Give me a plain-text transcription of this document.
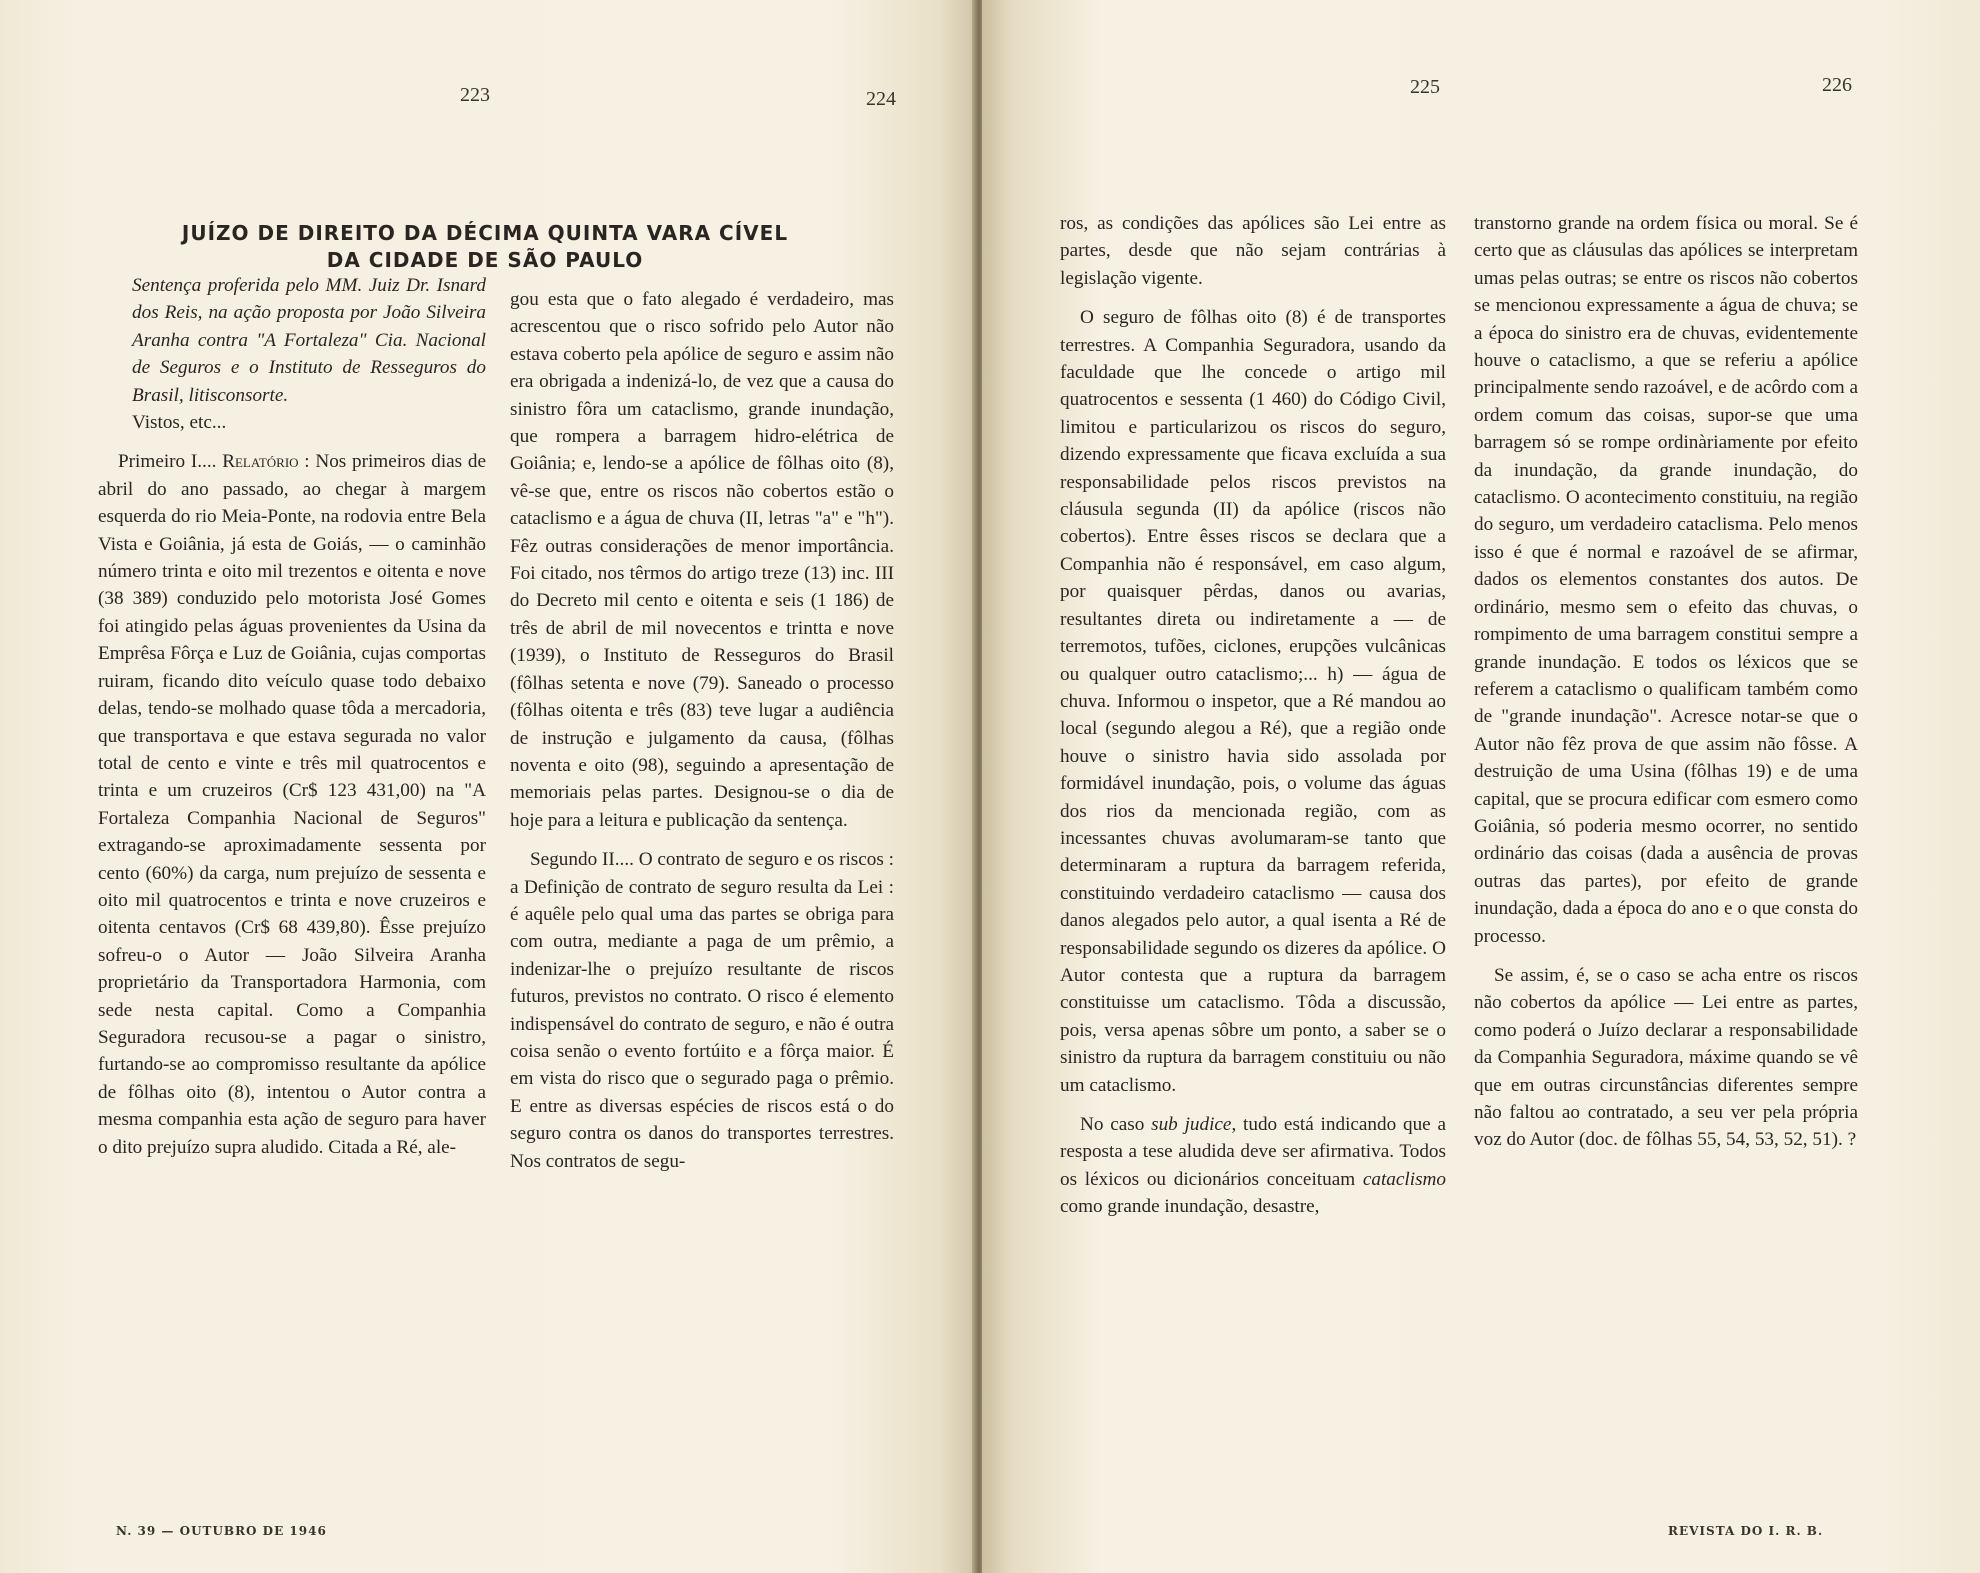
223	224
JUÍZO DE DIREITO DA DÉCIMA QUINTA VARA CÍVEL
DA CIDADE DE SÃO PAULO

Sentença proferida pelo MM. Juiz Dr. Isnard dos Reis, na ação proposta por João Silveira Aranha contra "A Fortaleza" Cia. Nacional de Seguros e o Instituto de Resseguros do Brasil, litisconsorte.

Vistos, etc...

Primeiro I.... Relatório : Nos primeiros dias de abril do ano passado, ao chegar à margem esquerda do rio Meia-Ponte, na rodovia entre Bela Vista e Goiânia, já esta de Goiás, — o caminhão número trinta e oito mil trezentos e oitenta e nove (38 389) conduzido pelo motorista José Gomes foi atingido pelas águas provenientes da Usina da Emprêsa Fôrça e Luz de Goiânia, cujas comportas ruiram, ficando dito veículo quase todo debaixo delas, tendo-se molhado quase tôda a mercadoria, que transportava e que estava segurada no valor total de cento e vinte e três mil quatrocentos e trinta e um cruzeiros (Cr$ 123 431,00) na "A Fortaleza Companhia Nacional de Seguros" extragando-se aproximadamente sessenta por cento (60%) da carga, num prejuízo de sessenta e oito mil quatrocentos e trinta e nove cruzeiros e oitenta centavos (Cr$ 68 439,80). Êsse prejuízo sofreu-o o Autor — João Silveira Aranha proprietário da Transportadora Harmonia, com sede nesta capital. Como a Companhia Seguradora recusou-se a pagar o sinistro, furtando-se ao compromisso resultante da apólice de fôlhas oito (8), intentou o Autor contra a mesma companhia esta ação de seguro para haver o dito prejuízo supra aludido. Citada a Ré, ale-

gou esta que o fato alegado é verdadeiro, mas acrescentou que o risco sofrido pelo Autor não estava coberto pela apólice de seguro e assim não era obrigada a indenizá-lo, de vez que a causa do sinistro fôra um cataclismo, grande inundação, que rompera a barragem hidro-elétrica de Goiânia; e, lendo-se a apólice de fôlhas oito (8), vê-se que, entre os riscos não cobertos estão o cataclismo e a água de chuva (II, letras "a" e "h"). Fêz outras considerações de menor importância. Foi citado, nos têrmos do artigo treze (13) inc. III do Decreto mil cento e oitenta e seis (1 186) de três de abril de mil novecentos e trintta e nove (1939), o Instituto de Resseguros do Brasil (fôlhas setenta e nove (79). Saneado o processo (fôlhas oitenta e três (83) teve lugar a audiência de instrução e julgamento da causa, (fôlhas noventa e oito (98), seguindo a apresentação de memoriais pelas partes. Designou-se o dia de hoje para a leitura e publicação da sentença.

Segundo II.... O contrato de seguro e os riscos : a Definição de contrato de seguro resulta da Lei : é aquêle pelo qual uma das partes se obriga para com outra, mediante a paga de um prêmio, a indenizar-lhe o prejuízo resultante de riscos futuros, previstos no contrato. O risco é elemento indispensável do contrato de seguro, e não é outra coisa senão o evento fortúito e a fôrça maior. É em vista do risco que o segurado paga o prêmio. E entre as diversas espécies de riscos está o do seguro contra os danos do transportes terrestres. Nos contratos de segu-

N. 39 — OUTUBRO DE 1946
225	226

ros, as condições das apólices são Lei entre as partes, desde que não sejam contrárias à legislação vigente.

O seguro de fôlhas oito (8) é de transportes terrestres. A Companhia Seguradora, usando da faculdade que lhe concede o artigo mil quatrocentos e sessenta (1 460) do Código Civil, limitou e particularizou os riscos do seguro, dizendo expressamente que ficava excluída a sua responsabilidade pelos riscos previstos na cláusula segunda (II) da apólice (riscos não cobertos). Entre êsses riscos se declara que a Companhia não é responsável, em caso algum, por quaisquer pêrdas, danos ou avarias, resultantes direta ou indiretamente a — de terremotos, tufões, ciclones, erupções vulcânicas ou qualquer outro cataclismo;... h) — água de chuva. Informou o inspetor, que a Ré mandou ao local (segundo alegou a Ré), que a região onde houve o sinistro havia sido assolada por formidável inundação, pois, o volume das águas dos rios da mencionada região, com as incessantes chuvas avolumaram-se tanto que determinaram a ruptura da barragem referida, constituindo verdadeiro cataclismo — causa dos danos alegados pelo autor, a qual isenta a Ré de responsabilidade segundo os dizeres da apólice. O Autor contesta que a ruptura da barragem constituisse um cataclismo. Tôda a discussão, pois, versa apenas sôbre um ponto, a saber se o sinistro da ruptura da barragem constituiu ou não um cataclismo.

No caso sub judice, tudo está indicando que a resposta a tese aludida deve ser afirmativa. Todos os léxicos ou dicionários conceituam cataclismo como grande inundação, desastre,

transtorno grande na ordem física ou moral. Se é certo que as cláusulas das apólices se interpretam umas pelas outras; se entre os riscos não cobertos se mencionou expressamente a água de chuva; se a época do sinistro era de chuvas, evidentemente houve o cataclismo, a que se referiu a apólice principalmente sendo razoável, e de acôrdo com a ordem comum das coisas, supor-se que uma barragem só se rompe ordinàriamente por efeito da inundação, da grande inundação, do cataclismo. O acontecimento constituiu, na região do seguro, um verdadeiro cataclisma. Pelo menos isso é que é normal e razoável de se afirmar, dados os elementos constantes dos autos. De ordinário, mesmo sem o efeito das chuvas, o rompimento de uma barragem constitui sempre a grande inundação. E todos os léxicos que se referem a cataclismo o qualificam também como de "grande inundação". Acresce notar-se que o Autor não fêz prova de que assim não fôsse. A destruição de uma Usina (fôlhas 19) e de uma capital, que se procura edificar com esmero como Goiânia, só poderia mesmo ocorrer, no sentido ordinário das coisas (dada a ausência de provas outras das partes), por efeito de grande inundação, dada a época do ano e o que consta do processo.

Se assim, é, se o caso se acha entre os riscos não cobertos da apólice — Lei entre as partes, como poderá o Juízo declarar a responsabilidade da Companhia Seguradora, máxime quando se vê que em outras circunstâncias diferentes sempre não faltou ao contratado, a seu ver pela própria voz do Autor (doc. de fôlhas 55, 54, 53, 52, 51). ?

REVISTA DO I. R. B.
